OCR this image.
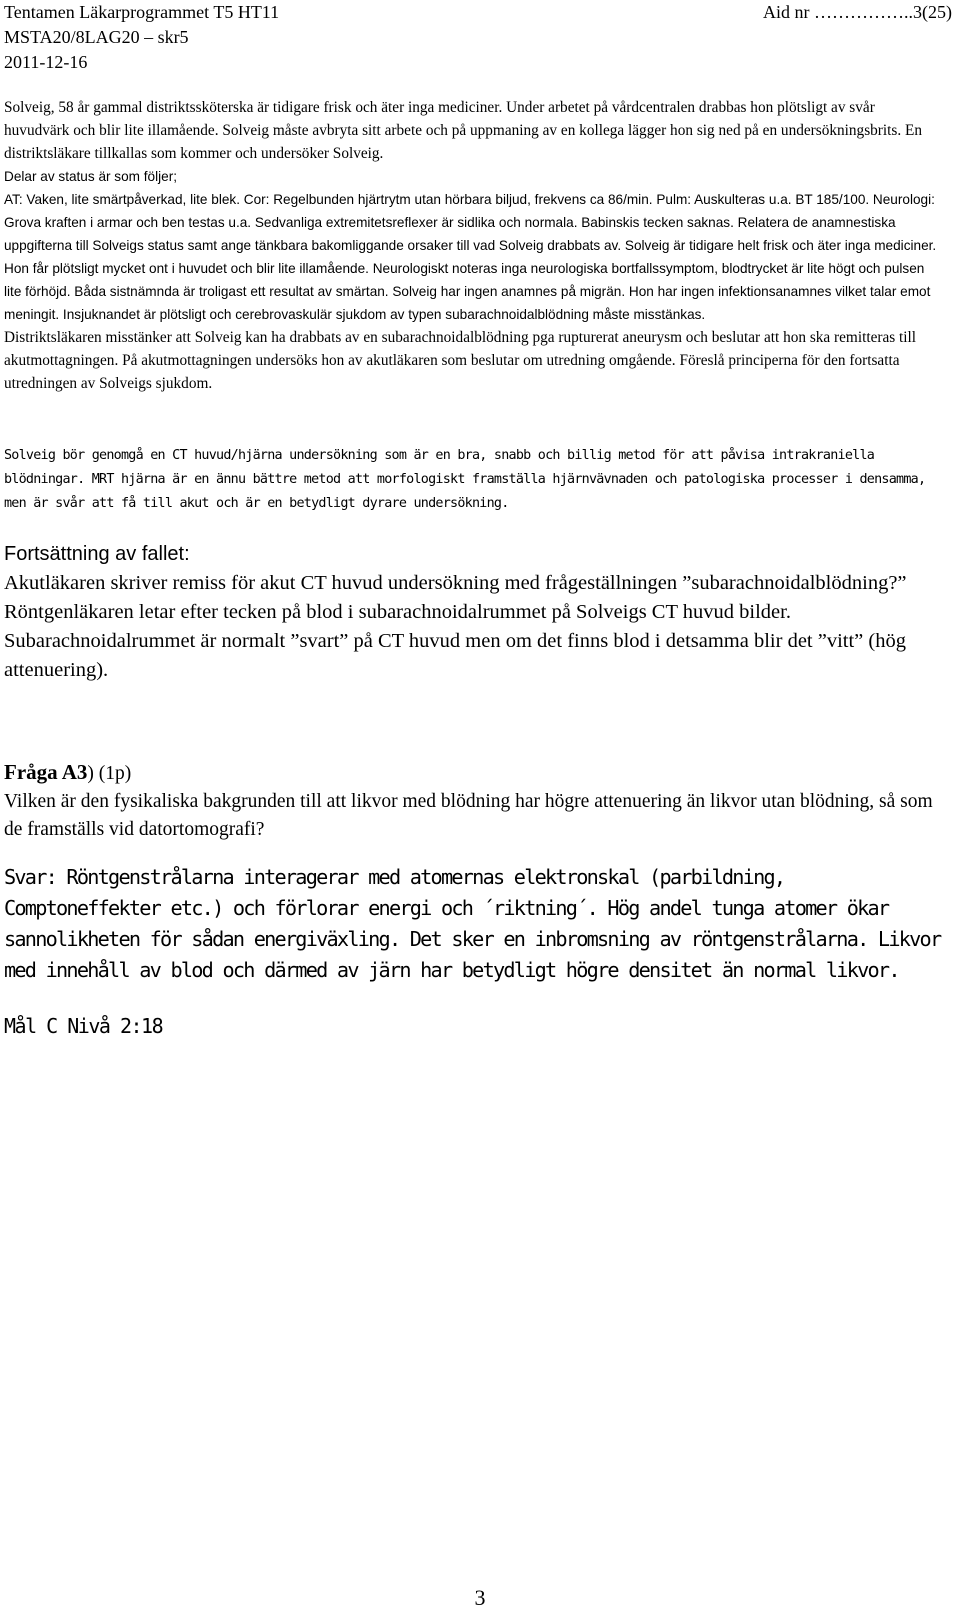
Tentamen Läkarprogrammet T5 HT11	Aid nr ……………..3(25)
MSTA20/8LAG20 – skr5
2011-12-16

Solveig, 58 år gammal distriktssköterska är tidigare frisk och äter inga mediciner. Under arbetet på vårdcentralen drabbas hon plötsligt av svår huvudvärk och blir lite illamående. Solveig måste avbryta sitt arbete och på uppmaning av en kollega lägger hon sig ned på en undersökningsbrits. En distriktsläkare tillkallas som kommer och undersöker Solveig.

Delar av status är som följer;

AT: Vaken, lite smärtpåverkad, lite blek. Cor: Regelbunden hjärtrytm utan hörbara biljud, frekvens ca 86/min. Pulm: Auskulteras u.a. BT 185/100. Neurologi: Grova kraften i armar och ben testas u.a. Sedvanliga extremitetsreflexer är sidlika och normala. Babinskis tecken saknas. Relatera de anamnestiska uppgifterna till Solveigs status samt ange tänkbara bakomliggande orsaker till vad Solveig drabbats av. Solveig är tidigare helt frisk och äter inga mediciner. Hon får plötsligt mycket ont i huvudet och blir lite illamående. Neurologiskt noteras inga neurologiska bortfallssymptom, blodtrycket är lite högt och pulsen lite förhöjd. Båda sistnämnda är troligast ett resultat av smärtan. Solveig har ingen anamnes på migrän. Hon har ingen infektionsanamnes vilket talar emot meningit. Insjuknandet är plötsligt och cerebrovaskulär sjukdom av typen subarachnoidalblödning måste misstänkas.

Distriktsläkaren misstänker att Solveig kan ha drabbats av en subarachnoidalblödning pga rupturerat aneurysm och beslutar att hon ska remitteras till akutmottagningen. På akutmottagningen undersöks hon av akutläkaren som beslutar om utredning omgående. Föreslå principerna för den fortsatta utredningen av Solveigs sjukdom.

Solveig bör genomgå en CT huvud/hjärna undersökning som är en bra, snabb och billig metod för att påvisa intrakraniella blödningar. MRT hjärna är en ännu bättre metod att morfologiskt framställa hjärnvävnaden och patologiska processer i densamma, men är svår att få till akut och är en betydligt dyrare undersökning.

Fortsättning av fallet:

Akutläkaren skriver remiss för akut CT huvud undersökning med frågeställningen ”subarachnoidalblödning?”

Röntgenläkaren letar efter tecken på blod i subarachnoidalrummet på Solveigs CT huvud bilder. Subarachnoidalrummet är normalt ”svart” på CT huvud men om det finns blod i detsamma blir det ”vitt” (hög attenuering).

Fråga A3) (1p)

Vilken är den fysikaliska bakgrunden till att likvor med blödning har högre attenuering än likvor utan blödning, så som de framställs vid datortomografi?

Svar: Röntgenstrålarna interagerar med atomernas elektronskal (parbildning, Comptoneffekter etc.) och förlorar energi och ´riktning´. Hög andel tunga atomer ökar sannolikheten för sådan energiväxling. Det sker en inbromsning av röntgenstrålarna. Likvor med innehåll av blod och därmed av järn har betydligt högre densitet än normal likvor.

Mål C Nivå 2:18
3
